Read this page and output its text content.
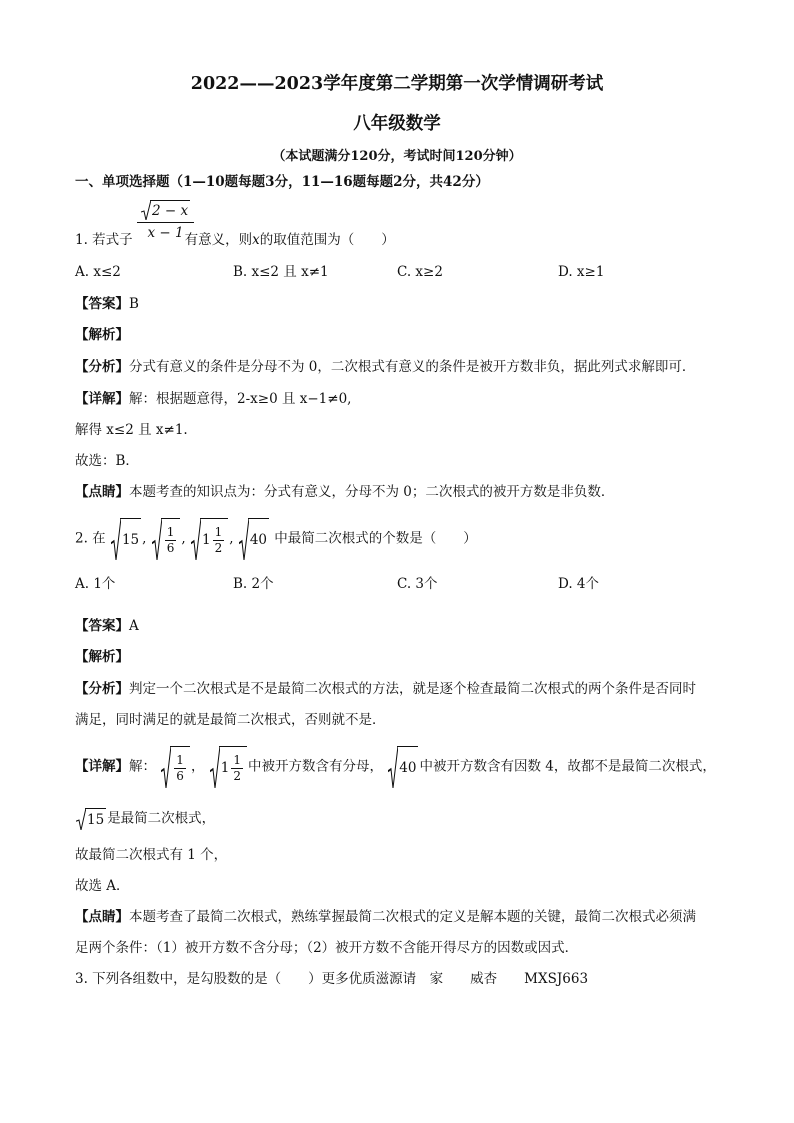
2022——2023学年度第二学期第一次学情调研考试
八年级数学
（本试题满分120分，考试时间120分钟）
一、单项选择题（1—10题每题3分，11—16题每题2分，共42分）
$\frac{2 - x}{x - 1}$
1. 若式子	有意义，则x的取值范围为（　　）
A. x≤2	B. x≤2 且 x≠1	C. x≥2	D. x≥1
【答案】B
【解析】
【分析】分式有意义的条件是分母不为 0，二次根式有意义的条件是被开方数非负，据此列式求解即可．
【详解】解：根据题意得，2-x≥0 且 x−1≠0,
解得 x≤2 且 x≠1.
故选：B．
【点睛】本题考查的知识点为：分式有意义，分母不为 0；二次根式的被开方数是非负数．
2. 在 15 , $\frac{1}{6}$ ,
$1 \frac{1}{2}$ ,
40 中最简二次根式的个数是（　　）
A. 1个	B. 2个	C. 3个	D. 4个
【答案】A
【解析】
【分析】判定一个二次根式是不是最简二次根式的方法，就是逐个检查最简二次根式的两个条件是否同时
满足，同时满足的就是最简二次根式，否则就不是．
【详解】解： $\frac{1}{6}$ ，
$1 \frac{1}{2}$ 中被开方数含有分母， 40 中被开方数含有因数 4，故都不是最简二次根式，
15 是最简二次根式，
故最简二次根式有 1 个，
故选 A．
【点睛】本题考查了最简二次根式，熟练掌握最简二次根式的定义是解本题的关键，最简二次根式必须满
足两个条件：（1）被开方数不含分母；（2）被开方数不含能开得尽方的因数或因式．
3. 下列各组数中，是勾股数的是（　　）更多优质滋源请　家　　威杏　　MXSJ663
